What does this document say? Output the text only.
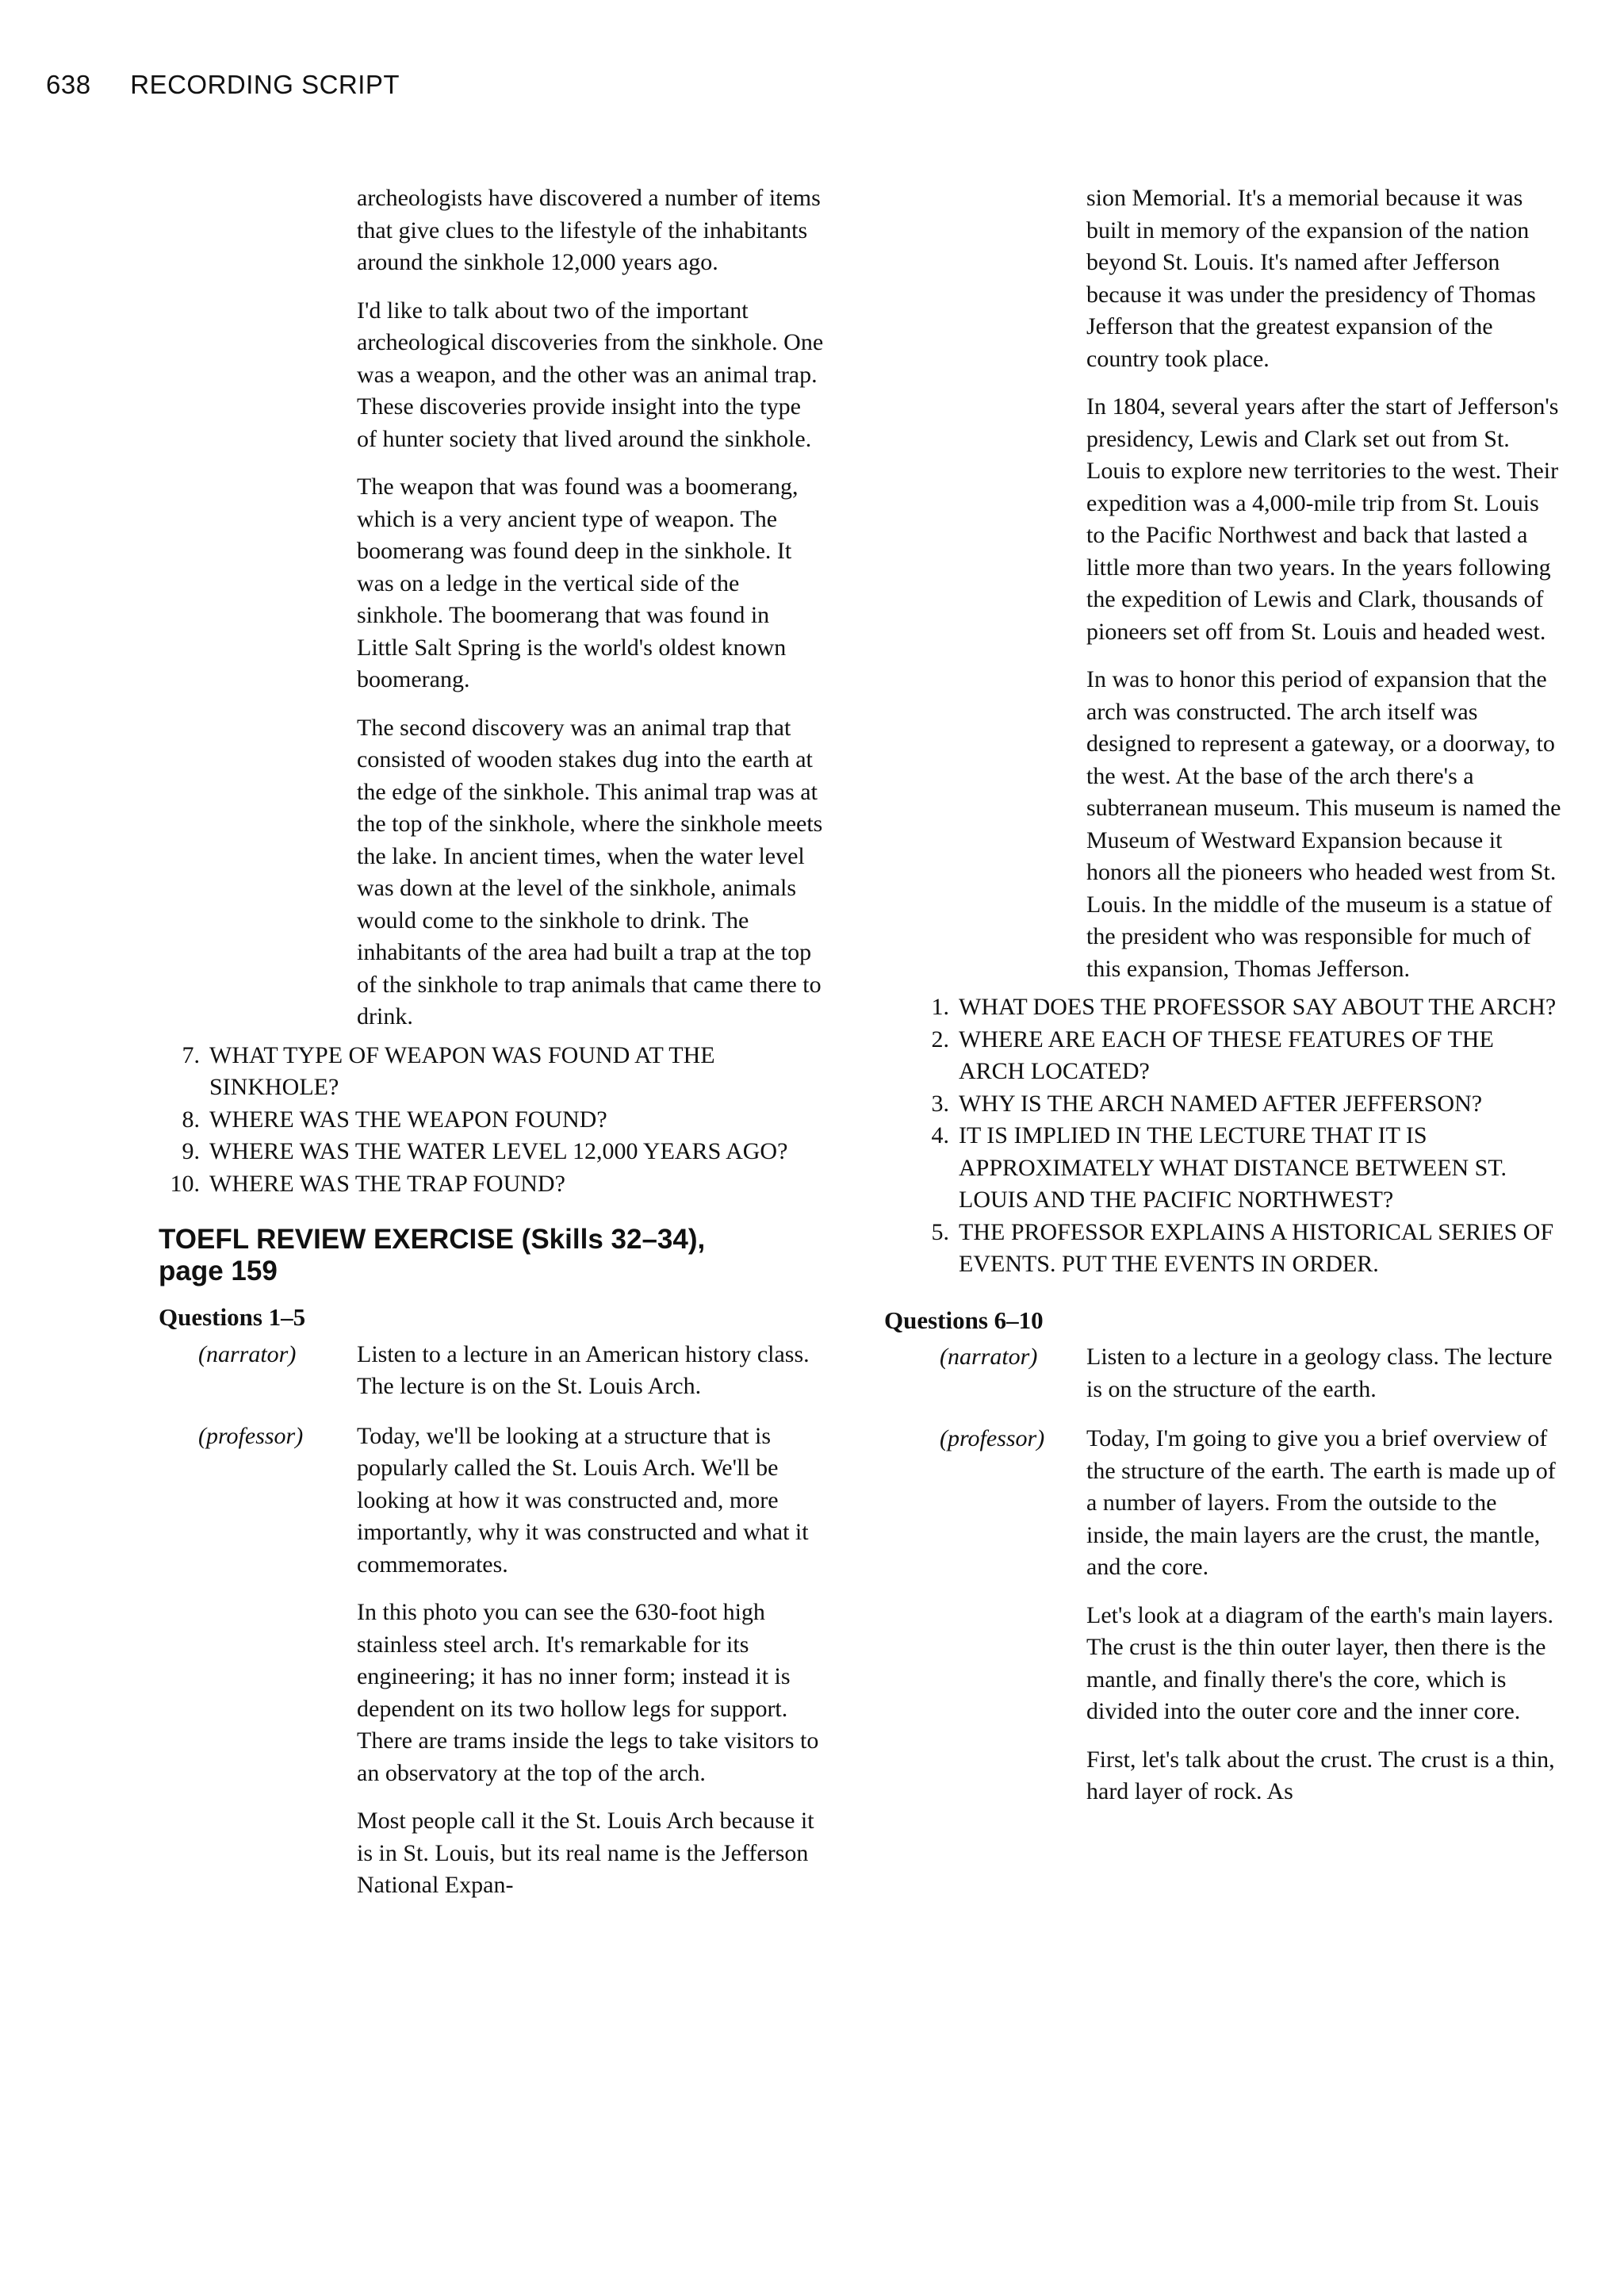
638 RECORDING SCRIPT

archeologists have discovered a number of items that give clues to the lifestyle of the inhabitants around the sinkhole 12,000 years ago.

I'd like to talk about two of the important archeological discoveries from the sinkhole. One was a weapon, and the other was an animal trap. These discoveries provide insight into the type of hunter society that lived around the sinkhole.

The weapon that was found was a boomerang, which is a very ancient type of weapon. The boomerang was found deep in the sinkhole. It was on a ledge in the vertical side of the sinkhole. The boomerang that was found in Little Salt Spring is the world's oldest known boomerang.

The second discovery was an animal trap that consisted of wooden stakes dug into the earth at the edge of the sinkhole. This animal trap was at the top of the sinkhole, where the sinkhole meets the lake. In ancient times, when the water level was down at the level of the sinkhole, animals would come to the sinkhole to drink. The inhabitants of the area had built a trap at the top of the sinkhole to trap animals that came there to drink.

7. WHAT TYPE OF WEAPON WAS FOUND AT THE SINKHOLE?
8. WHERE WAS THE WEAPON FOUND?
9. WHERE WAS THE WATER LEVEL 12,000 YEARS AGO?
10. WHERE WAS THE TRAP FOUND?
TOEFL REVIEW EXERCISE (Skills 32–34), page 159
Questions 1–5
(narrator)	Listen to a lecture in an American history class. The lecture is on the St. Louis Arch.

(professor)	Today, we'll be looking at a structure that is popularly called the St. Louis Arch. We'll be looking at how it was constructed and, more importantly, why it was constructed and what it commemorates.

In this photo you can see the 630-foot high stainless steel arch. It's remarkable for its engineering; it has no inner form; instead it is dependent on its two hollow legs for support. There are trams inside the legs to take visitors to an observatory at the top of the arch.

Most people call it the St. Louis Arch because it is in St. Louis, but its real name is the Jefferson National Expan-

sion Memorial. It's a memorial because it was built in memory of the expansion of the nation beyond St. Louis. It's named after Jefferson because it was under the presidency of Thomas Jefferson that the greatest expansion of the country took place.

In 1804, several years after the start of Jefferson's presidency, Lewis and Clark set out from St. Louis to explore new territories to the west. Their expedition was a 4,000-mile trip from St. Louis to the Pacific Northwest and back that lasted a little more than two years. In the years following the expedition of Lewis and Clark, thousands of pioneers set off from St. Louis and headed west.

In was to honor this period of expansion that the arch was constructed. The arch itself was designed to represent a gateway, or a doorway, to the west. At the base of the arch there's a subterranean museum. This museum is named the Museum of Westward Expansion because it honors all the pioneers who headed west from St. Louis. In the middle of the museum is a statue of the president who was responsible for much of this expansion, Thomas Jefferson.

1. WHAT DOES THE PROFESSOR SAY ABOUT THE ARCH?
2. WHERE ARE EACH OF THESE FEATURES OF THE ARCH LOCATED?
3. WHY IS THE ARCH NAMED AFTER JEFFERSON?
4. IT IS IMPLIED IN THE LECTURE THAT IT IS APPROXIMATELY WHAT DISTANCE BETWEEN ST. LOUIS AND THE PACIFIC NORTHWEST?
5. THE PROFESSOR EXPLAINS A HISTORICAL SERIES OF EVENTS. PUT THE EVENTS IN ORDER.
Questions 6–10
(narrator)	Listen to a lecture in a geology class. The lecture is on the structure of the earth.

(professor)	Today, I'm going to give you a brief overview of the structure of the earth. The earth is made up of a number of layers. From the outside to the inside, the main layers are the crust, the mantle, and the core.

Let's look at a diagram of the earth's main layers. The crust is the thin outer layer, then there is the mantle, and finally there's the core, which is divided into the outer core and the inner core.

First, let's talk about the crust. The crust is a thin, hard layer of rock. As
